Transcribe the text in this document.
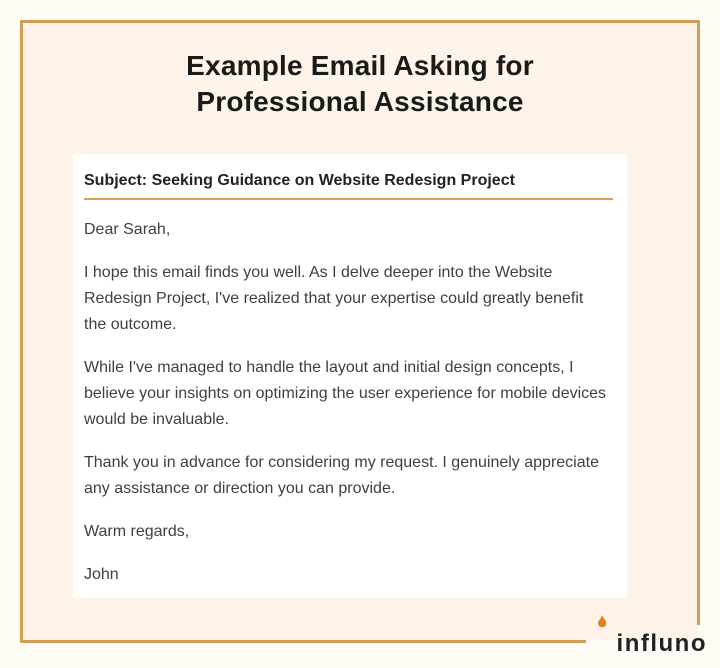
Example Email Asking for
Professional Assistance
Subject: Seeking Guidance on Website Redesign Project

Dear Sarah,

I hope this email finds you well. As I delve deeper into the Website Redesign Project, I've realized that your expertise could greatly benefit the outcome.

While I've managed to handle the layout and initial design concepts, I believe your insights on optimizing the user experience for mobile devices would be invaluable.

Thank you in advance for considering my request. I genuinely appreciate any assistance or direction you can provide.

Warm regards,

John

influno
